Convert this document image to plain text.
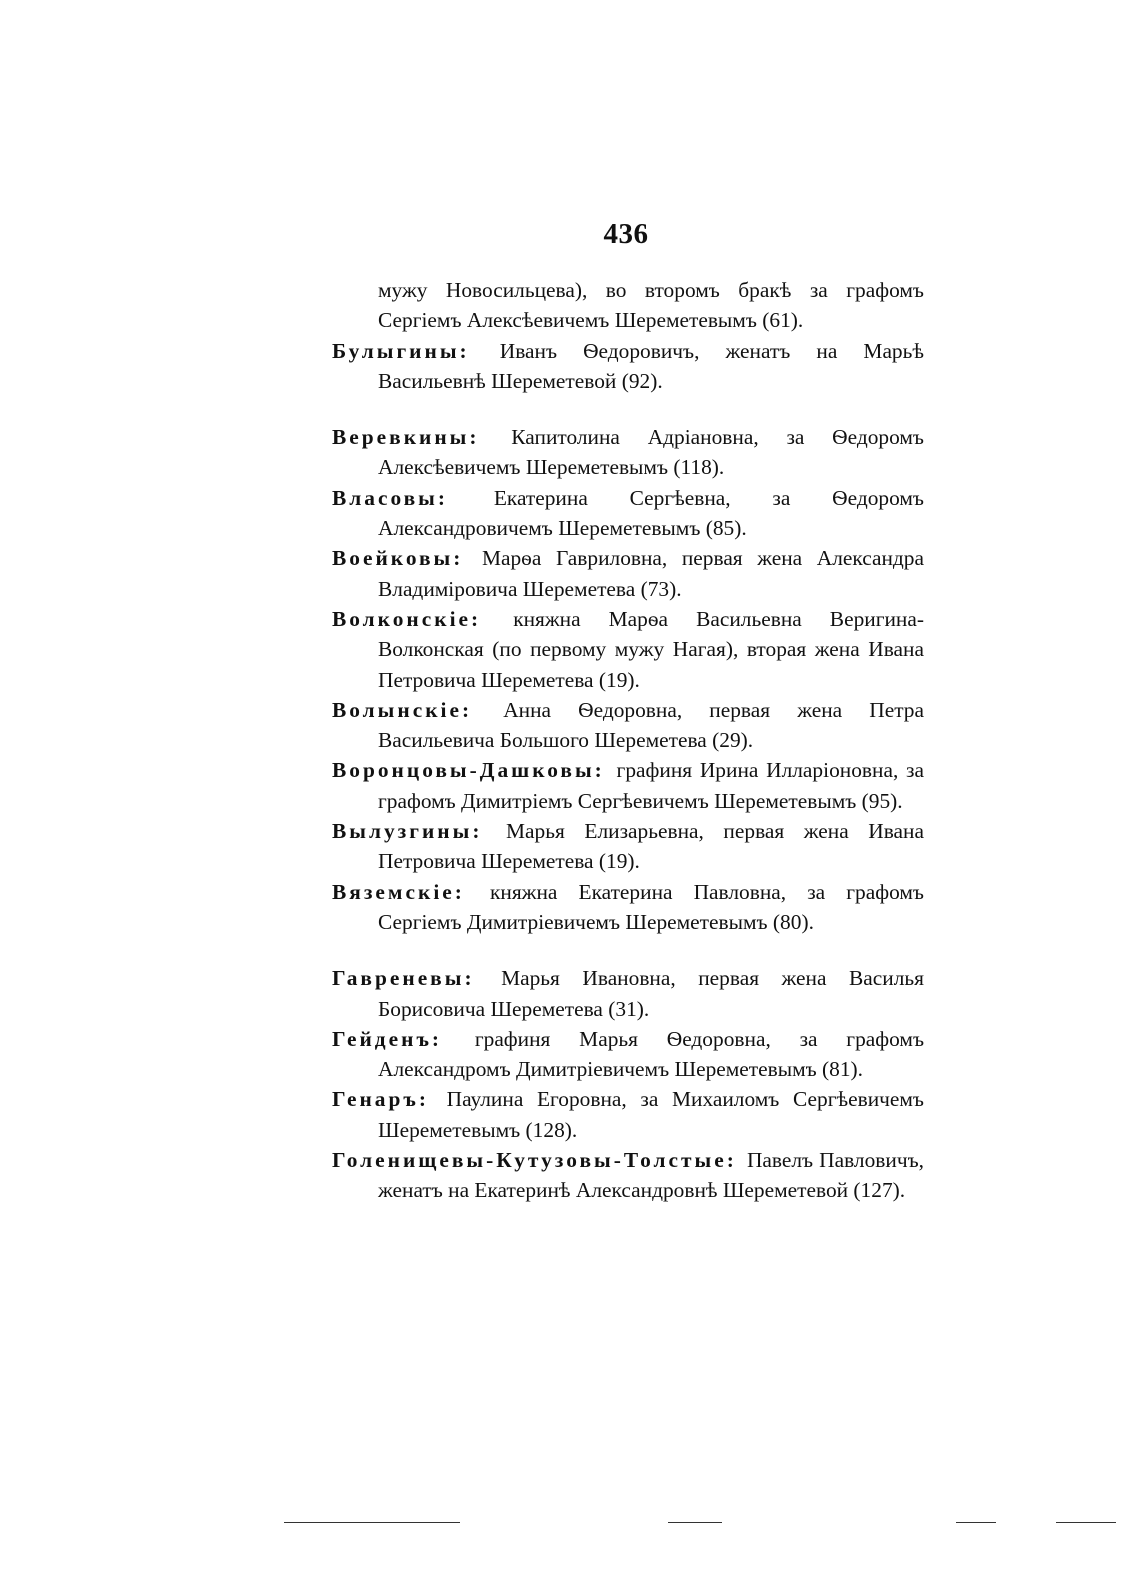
436
мужу Новосильцева), во второмъ бракѣ за графомъ
Сергіемъ Алексѣевичемъ Шереметевымъ (61).

Булыгины: Иванъ Ѳедоровичъ, женатъ на Марьѣ Васильевнѣ Шереметевой (92).

Веревкины: Капитолина Адріановна, за Ѳедоромъ Алексѣевичемъ Шереметевымъ (118).

Власовы: Екатерина Сергѣевна, за Ѳедоромъ Александровичемъ Шереметевымъ (85).

Воейковы: Марѳа Гавриловна, первая жена Александра Владиміровича Шереметева (73).

Волконскіе: княжна Марѳа Васильевна Веригина-Волконская (по первому мужу Нагая), вторая жена Ивана Петровича Шереметева (19).

Волынскіе: Анна Ѳедоровна, первая жена Петра Васильевича Большого Шереметева (29).

Воронцовы-Дашковы: графиня Ирина Илларіоновна, за графомъ Димитріемъ Сергѣевичемъ Шереметевымъ (95).

Вылузгины: Марья Елизарьевна, первая жена Ивана Петровича Шереметева (19).

Вяземскіе: княжна Екатерина Павловна, за графомъ Сергіемъ Димитріевичемъ Шереметевымъ (80).

Гавреневы: Марья Ивановна, первая жена Василья Борисовича Шереметева (31).

Гейденъ: графиня Марья Ѳедоровна, за графомъ Александромъ Димитріевичемъ Шереметевымъ (81).

Генаръ: Паулина Егоровна, за Михаиломъ Сергѣевичемъ Шереметевымъ (128).

Голенищевы-Кутузовы-Толстые: Павелъ Павловичъ, женатъ на Екатеринѣ Александровнѣ Шереметевой (127).
